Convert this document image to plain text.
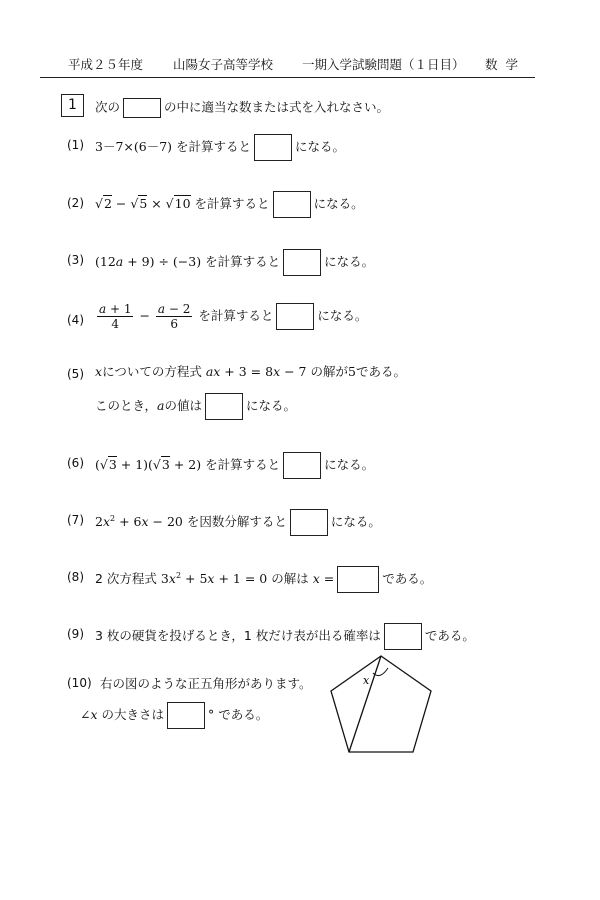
平成２５年度 山陽女子高等学校 一期入学試験問題（１日目） 数学
1	次の	の中に適当な数または式を入れなさい。
(1) 3－7×(6－7) を計算すると	になる。
(2) √2 − √5 × √10 を計算すると	になる。
(3) (12a + 9) ÷ (−3) を計算すると	になる。
$(4) \frac{a + 1}{4} - \frac{a - 2}{6}$ を計算すると	になる。
(5) xについての方程式 ax + 3 = 8x − 7 の解が5である。
このとき，aの値は	になる。
(6) (√3 + 1)(√3 + 2) を計算すると	になる。
(7) $2x^2 + 6x - 20$ を因数分解すると	になる。
(8) 2 次方程式 $3x^2 + 5x + 1 = 0$ の解は x =	である。
(9) 3 枚の硬貨を投げるとき，1 枚だけ表が出る確率は	である。
(10) 右の図のような正五角形があります。
∠x の大きさは	° である。
x
